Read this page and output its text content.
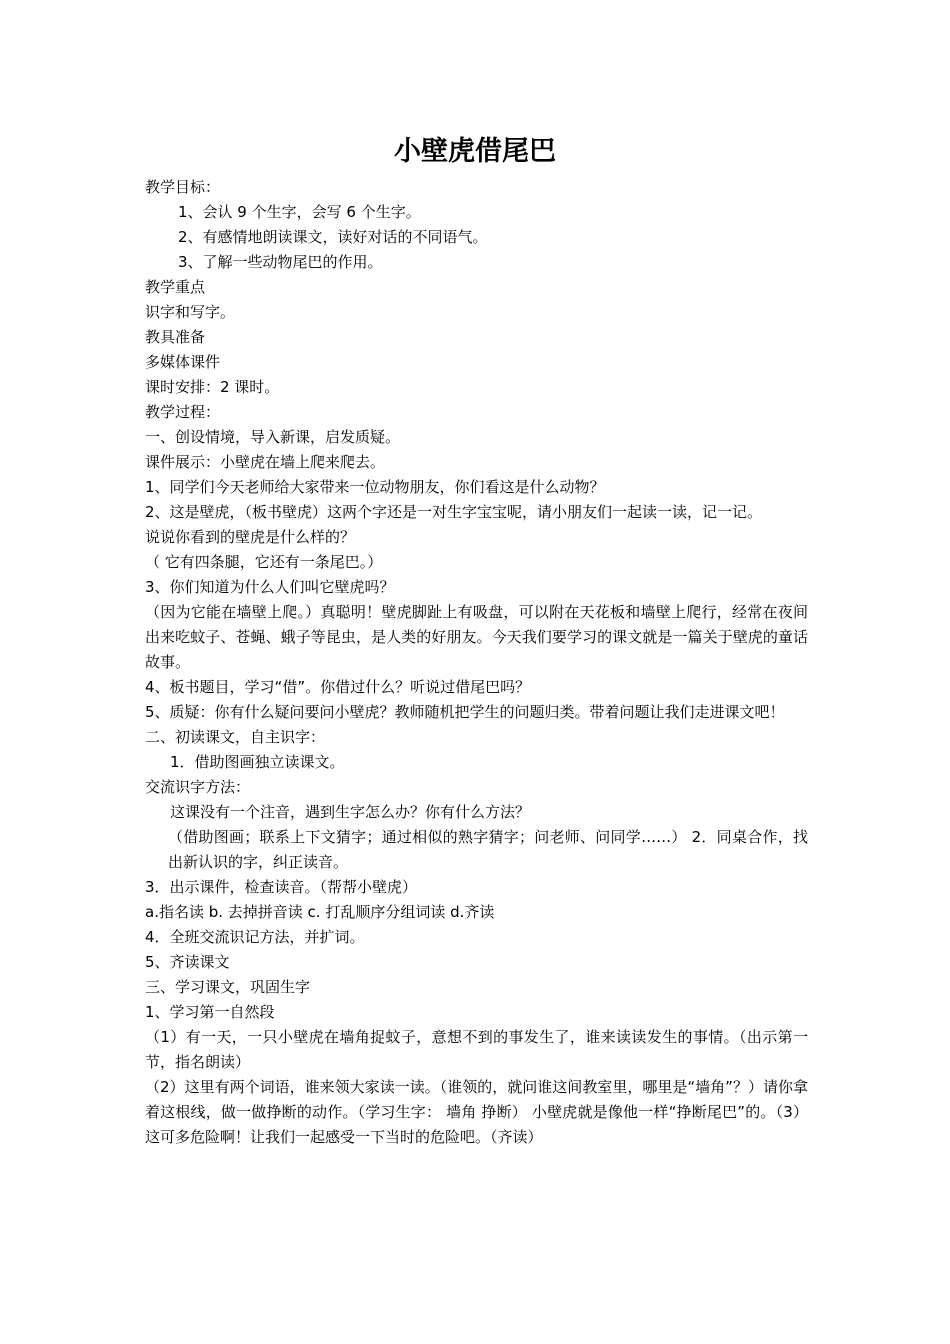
小壁虎借尾巴

教学目标：

1、会认 9 个生字，会写 6 个生字。

2、有感情地朗读课文，读好对话的不同语气。

3、了解一些动物尾巴的作用。

教学重点

识字和写字。

教具准备

多媒体课件

课时安排：2 课时。

教学过程：

一、创设情境，导入新课，启发质疑。

课件展示：小壁虎在墙上爬来爬去。

1、同学们今天老师给大家带来一位动物朋友，你们看这是什么动物？

2、这是壁虎，（板书壁虎）这两个字还是一对生字宝宝呢，请小朋友们一起读一读，记一记。

说说你看到的壁虎是什么样的？

（ 它有四条腿，它还有一条尾巴。）

3、你们知道为什么人们叫它壁虎吗？

（因为它能在墙壁上爬。）真聪明！壁虎脚趾上有吸盘，可以附在天花板和墙壁上爬行，经常在夜间出来吃蚊子、苍蝇、蛾子等昆虫，是人类的好朋友。今天我们要学习的课文就是一篇关于壁虎的童话故事。

4、板书题目，学习“借”。你借过什么？听说过借尾巴吗？

5、质疑：你有什么疑问要问小壁虎？教师随机把学生的问题归类。带着问题让我们走进课文吧！

二、初读课文，自主识字：

1．借助图画独立读课文。

交流识字方法：

这课没有一个注音，遇到生字怎么办？你有什么方法？

（借助图画；联系上下文猜字；通过相似的熟字猜字；问老师、问同学……） 2．同桌合作，找出新认识的字，纠正读音。

3．出示课件，检查读音。（帮帮小壁虎）

a.指名读 b. 去掉拼音读 c. 打乱顺序分组词读 d.齐读

4．全班交流识记方法，并扩词。

5、齐读课文

三、学习课文，巩固生字

1、学习第一自然段

（1）有一天，一只小壁虎在墙角捉蚊子，意想不到的事发生了，谁来读读发生的事情。（出示第一节，指名朗读）

（2）这里有两个词语，谁来领大家读一读。（谁领的，就问谁这间教室里，哪里是“墙角”？）请你拿着这根线，做一做挣断的动作。（学习生字： 墙角 挣断） 小壁虎就是像他一样“挣断尾巴”的。（3）这可多危险啊！让我们一起感受一下当时的危险吧。（齐读）
